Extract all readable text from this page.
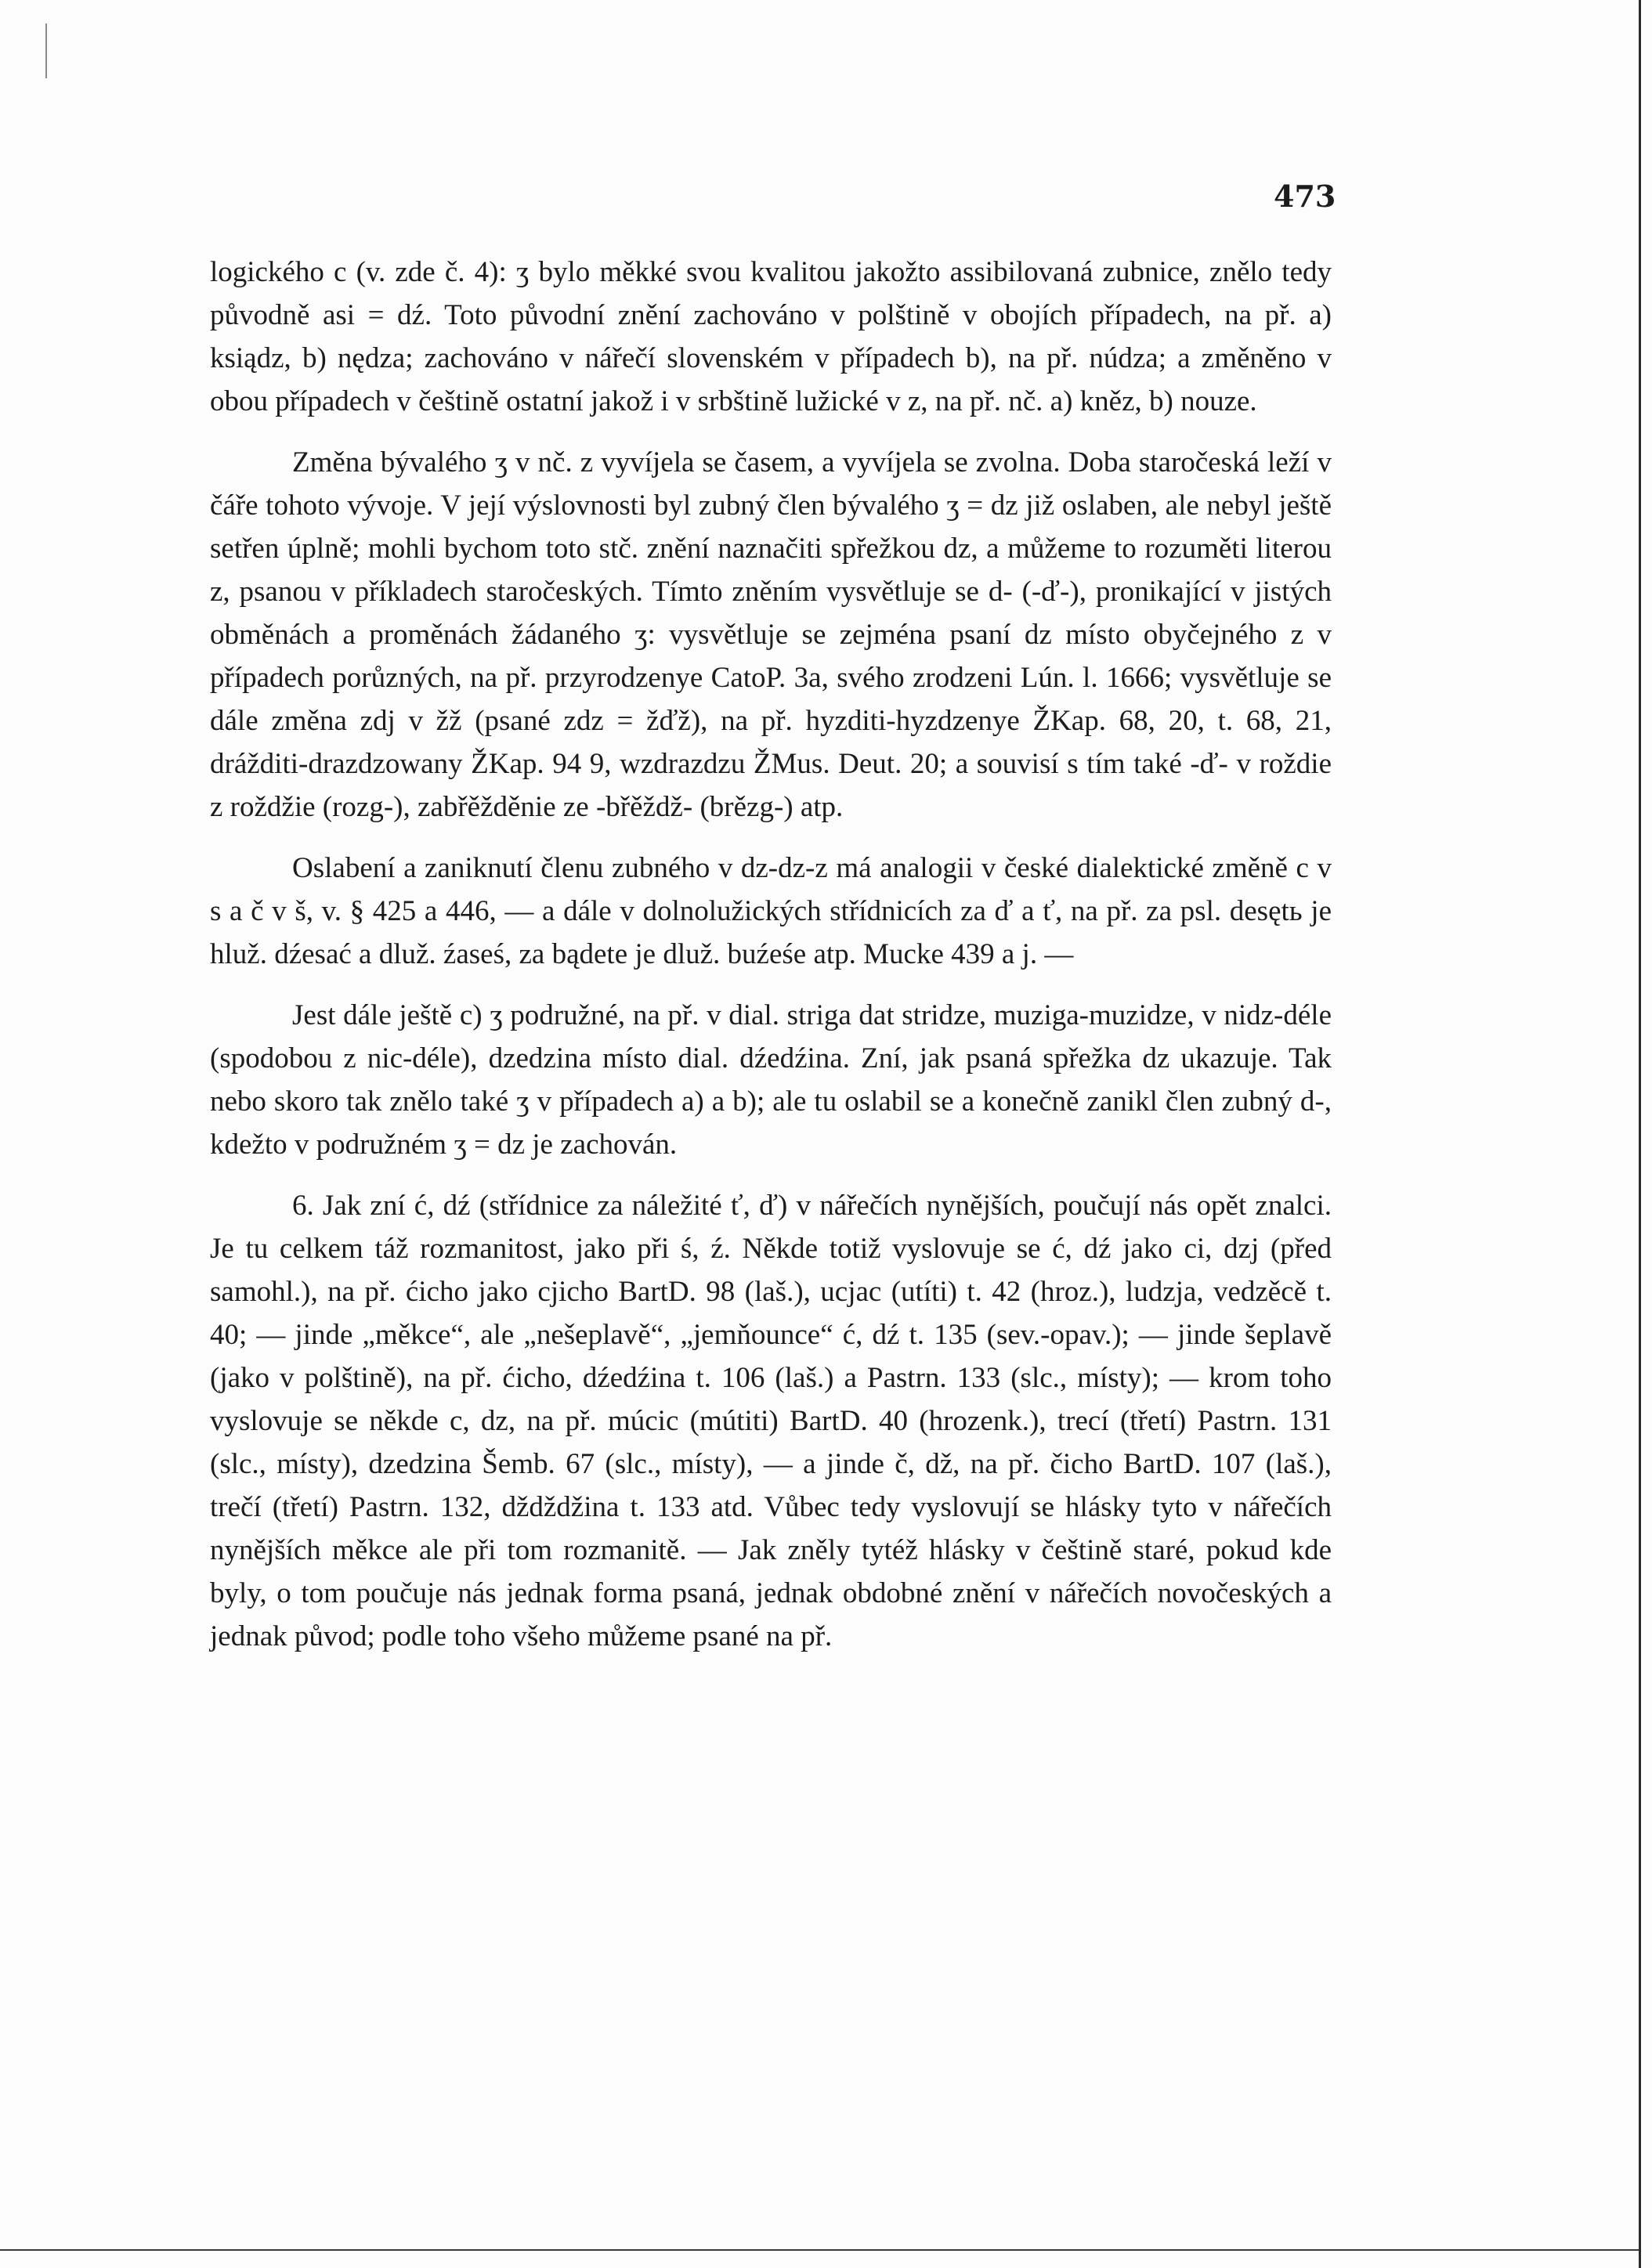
473

logického c (v. zde č. 4): ʒ bylo měkké svou kvalitou jakožto assibilovaná zubnice, znělo tedy původně asi = dź. Toto původní znění zachováno v polštině v obojích případech, na př. a) ksiądz, b) nędza; zachováno v nářečí slovenském v případech b), na př. núdza; a změněno v obou případech v češtině ostatní jakož i v srbštině lužické v z, na př. nč. a) kněz, b) nouze.

Změna bývalého ʒ v nč. z vyvíjela se časem, a vyvíjela se zvolna. Doba staročeská leží v čáře tohoto vývoje. V její výslovnosti byl zubný člen bývalého ʒ = dz již oslaben, ale nebyl ještě setřen úplně; mohli bychom toto stč. znění naznačiti spřežkou dz, a můžeme to rozuměti literou z, psanou v příkladech staročeských. Tímto zněním vysvětluje se d- (-ď-), pronikající v jistých obměnách a proměnách žádaného ʒ: vysvětluje se zejména psaní dz místo obyčejného z v případech porůzných, na př. przyrodzenye CatoP. 3a, svého zrodzeni Lún. l. 1666; vysvětluje se dále změna zdj v žž (psané zdz = žďž), na př. hyzditi-hyzdzenye ŽKap. 68, 20, t. 68, 21, drážditi-drazdzowany ŽKap. 94 9, wzdrazdzu ŽMus. Deut. 20; a souvisí s tím také -ď- v roždie z roždžie (rozg-), zabřěžděnie ze -břěždž- (brězg-) atp.

Oslabení a zaniknutí členu zubného v dz-dz-z má analogii v české dialektické změně c v s a č v š, v. § 425 a 446, — a dále v dolnolužických střídnicích za ď a ť, na př. za psl. desętь je hluž. dźesać a dluž. źaseś, za bądete je dluž. buźeśe atp. Mucke 439 a j. —

Jest dále ještě c) ʒ podružné, na př. v dial. striga dat stridze, muziga-muzidze, v nidz-déle (spodobou z nic-déle), dzedzina místo dial. dźedźina. Zní, jak psaná spřežka dz ukazuje. Tak nebo skoro tak znělo také ʒ v případech a) a b); ale tu oslabil se a konečně zanikl člen zubný d-, kdežto v podružném ʒ = dz je zachován.

6. Jak zní ć, dź (střídnice za náležité ť, ď) v nářečích nynějších, poučují nás opět znalci. Je tu celkem táž rozmanitost, jako při ś, ź. Někde totiž vyslovuje se ć, dź jako ci, dzj (před samohl.), na př. ćicho jako cjicho BartD. 98 (laš.), ucjac (utíti) t. 42 (hroz.), ludzja, vedzěcě t. 40; — jinde „měkce“, ale „nešeplavě“, „jemňounce“ ć, dź t. 135 (sev.-opav.); — jinde šeplavě (jako v polštině), na př. ćicho, dźedźina t. 106 (laš.) a Pastrn. 133 (slc., místy); — krom toho vyslovuje se někde c, dz, na př. múcic (mútiti) BartD. 40 (hrozenk.), trecí (třetí) Pastrn. 131 (slc., místy), dzedzina Šemb. 67 (slc., místy), — a jinde č, dž, na př. čicho BartD. 107 (laš.), trečí (třetí) Pastrn. 132, dždždžina t. 133 atd. Vůbec tedy vyslovují se hlásky tyto v nářečích nynějších měkce ale při tom rozmanitě. — Jak zněly tytéž hlásky v češtině staré, pokud kde byly, o tom poučuje nás jednak forma psaná, jednak obdobné znění v nářečích novočeských a jednak původ; podle toho všeho můžeme psané na př.
